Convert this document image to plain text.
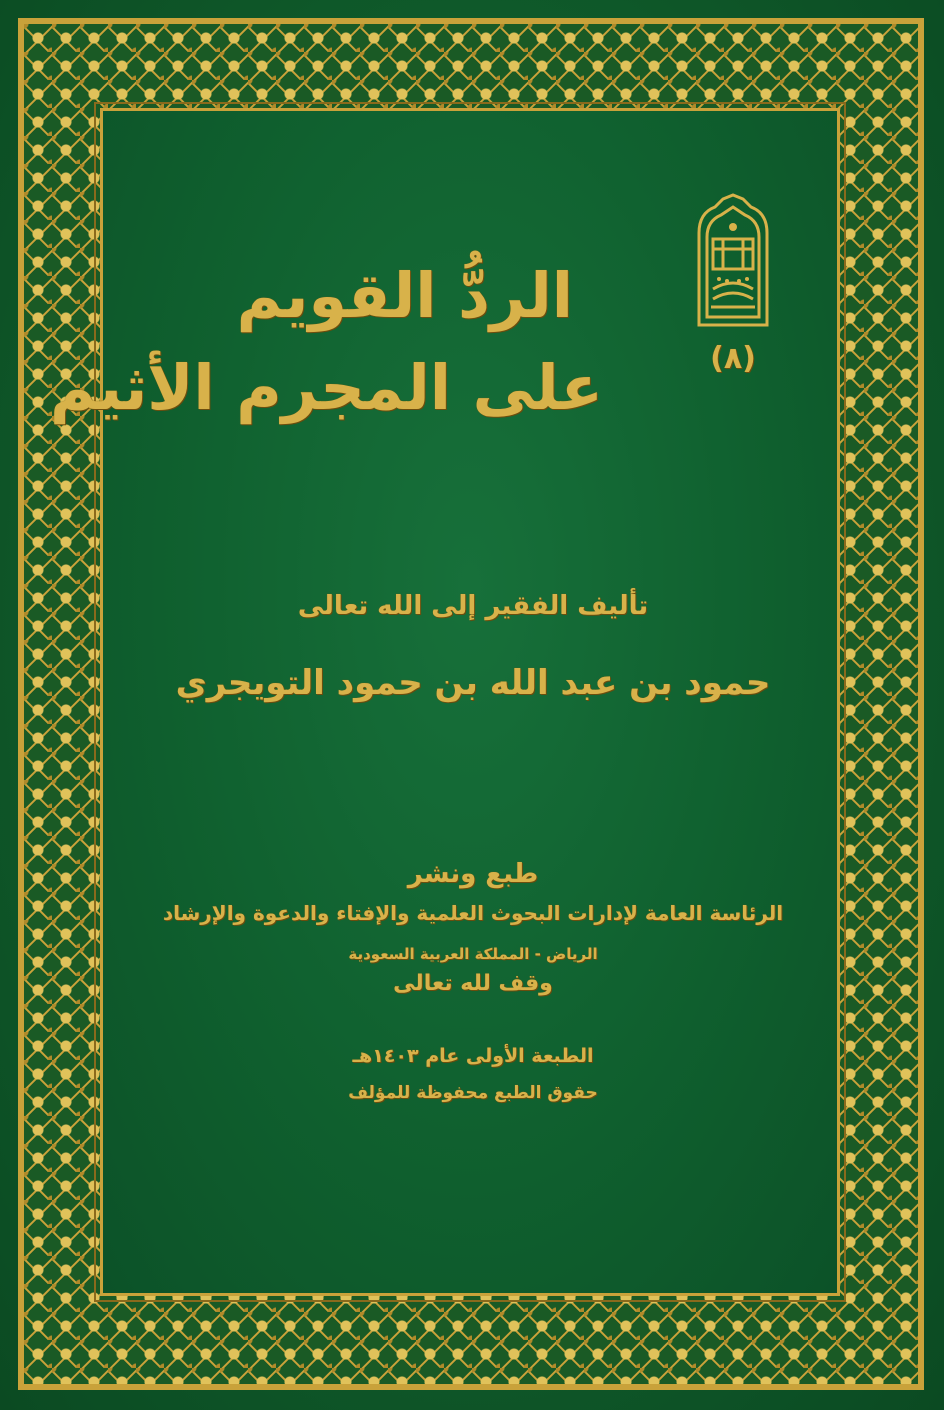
(٨)
الردُّ القويم
على المجرم الأثيم
تأليف الفقير إلى الله تعالى
حمود بن عبد الله بن حمود التويجري
طبع ونشر
الرئاسة العامة لإدارات البحوث العلمية والإفتاء والدعوة والإرشاد
الرياض - المملكة العربية السعودية
وقف لله تعالى
الطبعة الأولى عام ١٤٠٣هـ
حقوق الطبع محفوظة للمؤلف
